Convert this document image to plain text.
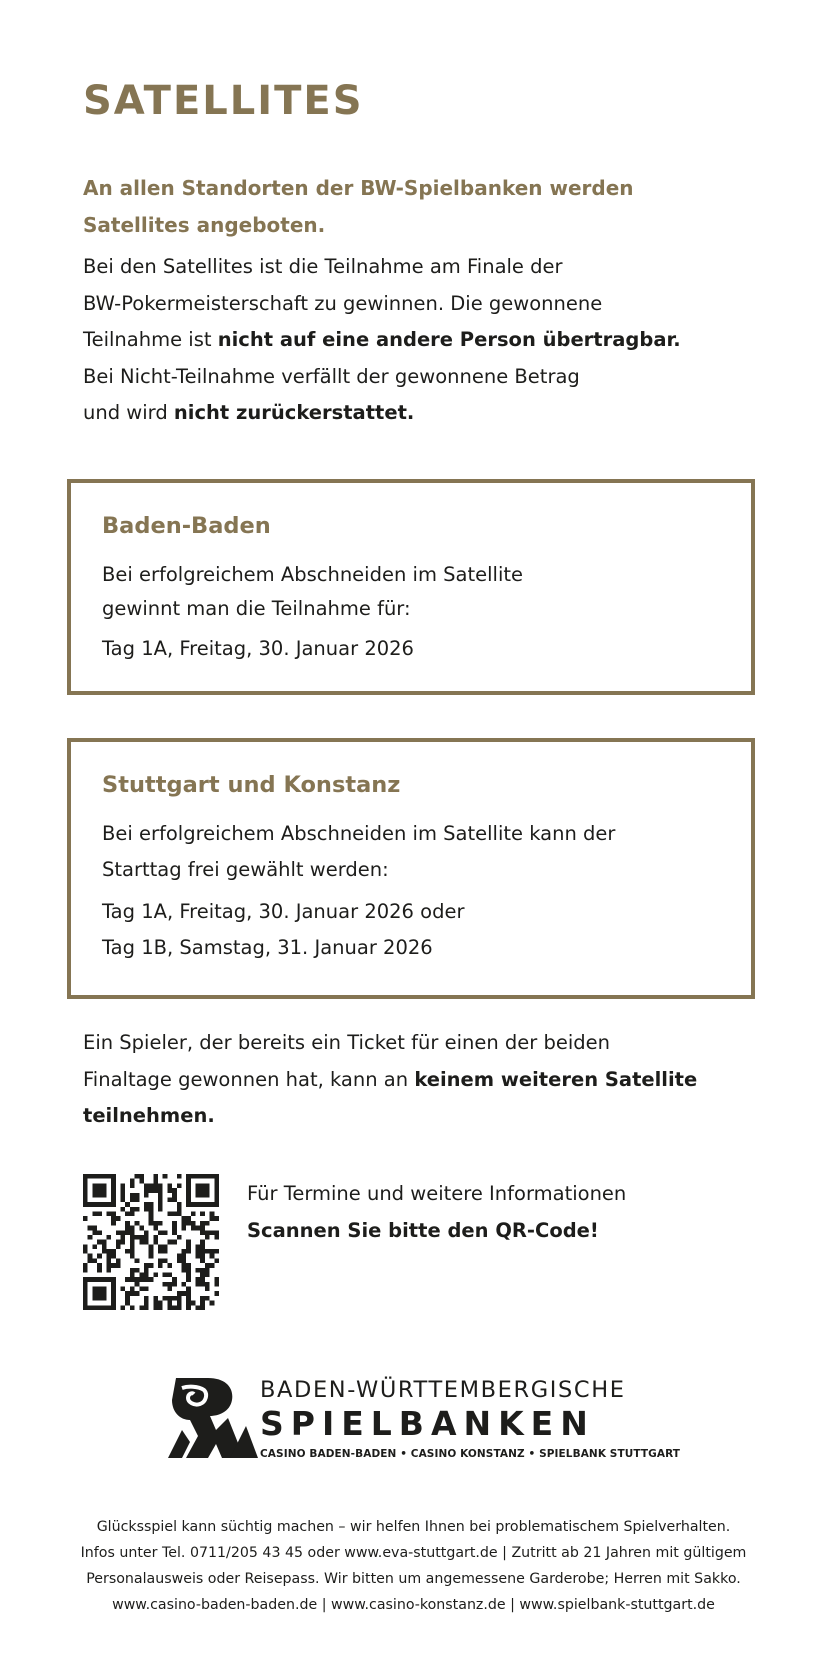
SATELLITES
An allen Standorten der BW-Spielbanken werden
Satellites angeboten.
Bei den Satellites ist die Teilnahme am Finale der
BW-Pokermeisterschaft zu gewinnen. Die gewonnene
Teilnahme ist nicht auf eine andere Person übertragbar.
Bei Nicht-Teilnahme verfällt der gewonnene Betrag
und wird nicht zurückerstattet.
Baden-Baden

Bei erfolgreichem Abschneiden im Satellite

gewinnt man die Teilnahme für:

Tag 1A, Freitag, 30. Januar 2026

Stuttgart und Konstanz

Bei erfolgreichem Abschneiden im Satellite kann der

Starttag frei gewählt werden:

Tag 1A, Freitag, 30. Januar 2026 oder

Tag 1B, Samstag, 31. Januar 2026

Ein Spieler, der bereits ein Ticket für einen der beiden
Finaltage gewonnen hat, kann an keinem weiteren Satellite
teilnehmen.
Für Termine und weitere Informationen
Scannen Sie bitte den QR-Code!
BADEN-WÜRTTEMBERGISCHE
SPIELBANKEN
CASINO BADEN-BADEN • CASINO KONSTANZ • SPIELBANK STUTTGART
Glücksspiel kann süchtig machen – wir helfen Ihnen bei problematischem Spielverhalten.
Infos unter Tel. 0711/205 43 45 oder www.eva-stuttgart.de | Zutritt ab 21 Jahren mit gültigem
Personalausweis oder Reisepass. Wir bitten um angemessene Garderobe; Herren mit Sakko.
www.casino-baden-baden.de | www.casino-konstanz.de | www.spielbank-stuttgart.de
